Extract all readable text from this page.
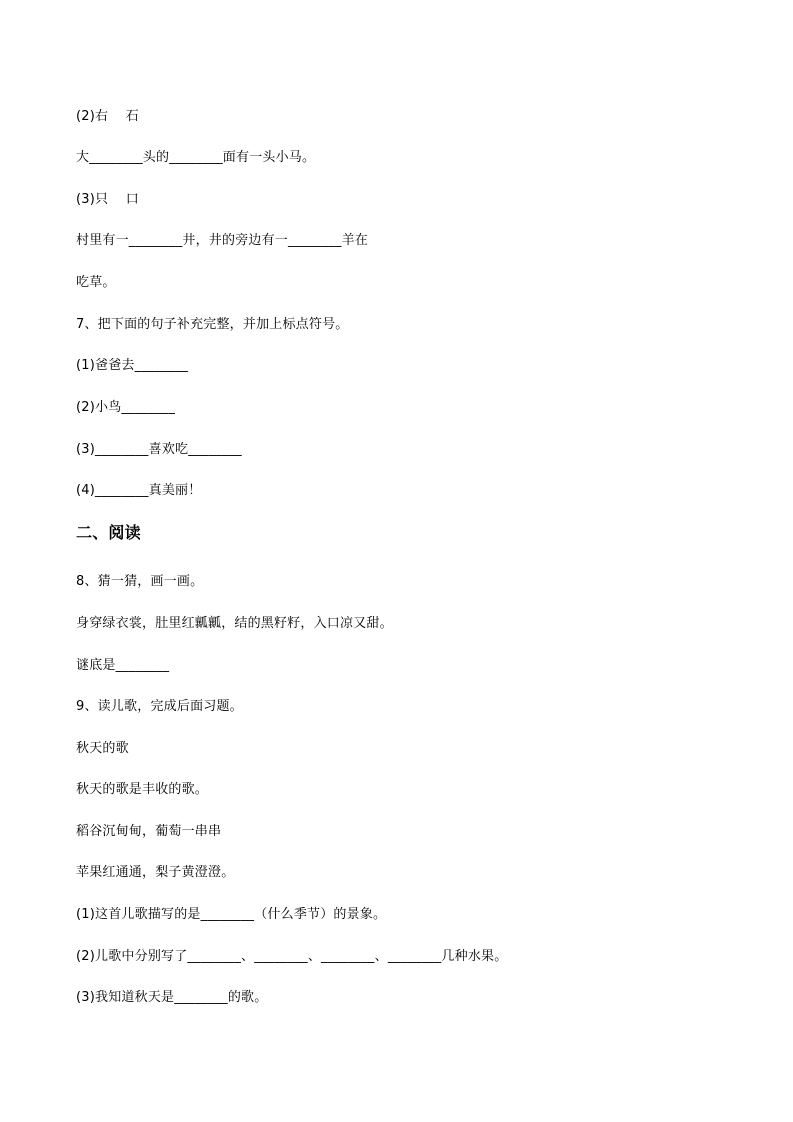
(2)右　 石
大________头的________面有一头小马。
(3)只　 口
村里有一________井，井的旁边有一________羊在
吃草。
7、把下面的句子补充完整，并加上标点符号。
(1)爸爸去________
(2)小鸟________
(3)________喜欢吃________
(4)________真美丽！
二、阅读
8、猜一猜，画一画。
身穿绿衣裳，肚里红瓤瓤，结的黑籽籽，入口凉又甜。
谜底是________
9、读儿歌，完成后面习题。
秋天的歌
秋天的歌是丰收的歌。
稻谷沉甸甸，葡萄一串串
苹果红通通，梨子黄澄澄。
(1)这首儿歌描写的是________（什么季节）的景象。
(2)儿歌中分别写了________、________、________、________几种水果。
(3)我知道秋天是________的歌。
